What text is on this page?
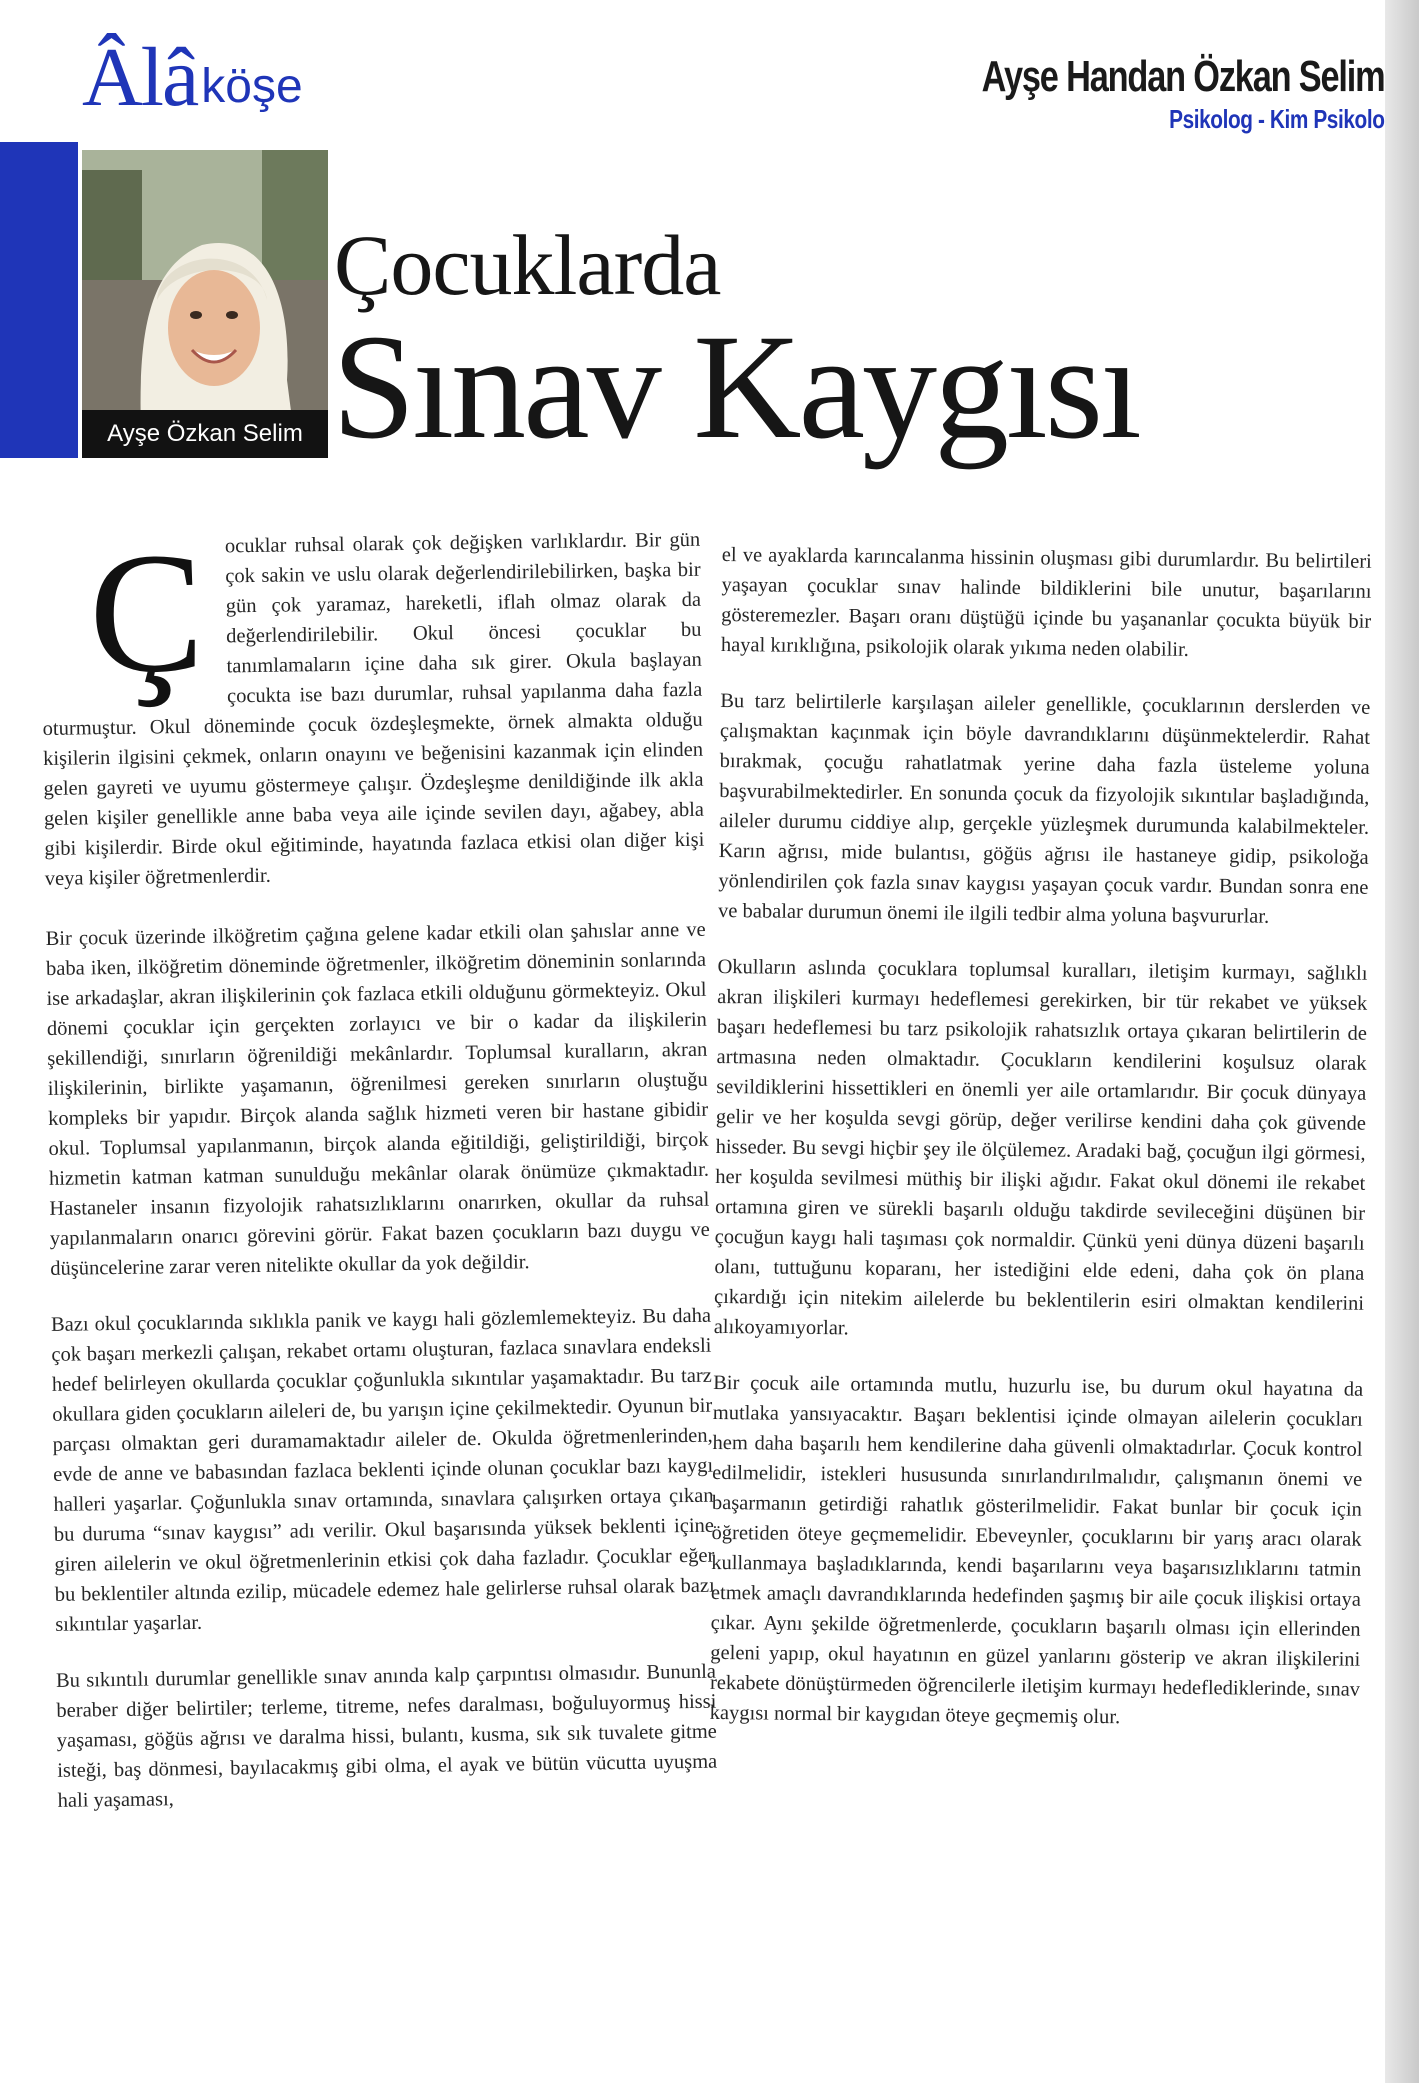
Âlâ köşe	Ayşe Handan Özkan Selim
Psikolog - Kim Psikolo
Ayşe Özkan Selim
Çocuklarda
Sınav Kaygısı

Ç ocuklar ruhsal olarak çok değişken varlıklardır. Bir gün çok sakin ve uslu olarak değerlendirilebilirken, başka bir gün çok yaramaz, hareketli, iflah olmaz olarak da değerlendirilebilir. Okul öncesi çocuklar bu tanımlamaların içine daha sık girer. Okula başlayan çocukta ise bazı durumlar, ruhsal yapılanma daha fazla oturmuştur. Okul döneminde çocuk özdeşleşmekte, örnek almakta olduğu kişilerin ilgisini çekmek, onların onayını ve beğenisini kazanmak için elinden gelen gayreti ve uyumu göstermeye çalışır. Özdeşleşme denildiğinde ilk akla gelen kişiler genellikle anne baba veya aile içinde sevilen dayı, ağabey, abla gibi kişilerdir. Birde okul eğitiminde, hayatında fazlaca etkisi olan diğer kişi veya kişiler öğretmenlerdir.

Bir çocuk üzerinde ilköğretim çağına gelene kadar etkili olan şahıslar anne ve baba iken, ilköğretim döneminde öğretmenler, ilköğretim döneminin sonlarında ise arkadaşlar, akran ilişkilerinin çok fazlaca etkili olduğunu görmekteyiz. Okul dönemi çocuklar için gerçekten zorlayıcı ve bir o kadar da ilişkilerin şekillendiği, sınırların öğrenildiği mekânlardır. Toplumsal kuralların, akran ilişkilerinin, birlikte yaşamanın, öğrenilmesi gereken sınırların oluştuğu kompleks bir yapıdır. Birçok alanda sağlık hizmeti veren bir hastane gibidir okul. Toplumsal yapılanmanın, birçok alanda eğitildiği, geliştirildiği, birçok hizmetin katman katman sunulduğu mekânlar olarak önümüze çıkmaktadır. Hastaneler insanın fizyolojik rahatsızlıklarını onarırken, okullar da ruhsal yapılanmaların onarıcı görevini görür. Fakat bazen çocukların bazı duygu ve düşüncelerine zarar veren nitelikte okullar da yok değildir.

Bazı okul çocuklarında sıklıkla panik ve kaygı hali gözlemlemekteyiz. Bu daha çok başarı merkezli çalışan, rekabet ortamı oluşturan, fazlaca sınavlara endeksli hedef belirleyen okullarda çocuklar çoğunlukla sıkıntılar yaşamaktadır. Bu tarz okullara giden çocukların aileleri de, bu yarışın içine çekilmektedir. Oyunun bir parçası olmaktan geri duramamaktadır aileler de. Okulda öğretmenlerinden, evde de anne ve babasından fazlaca beklenti içinde olunan çocuklar bazı kaygı halleri yaşarlar. Çoğunlukla sınav ortamında, sınavlara çalışırken ortaya çıkan bu duruma “sınav kaygısı” adı verilir. Okul başarısında yüksek beklenti içine giren ailelerin ve okul öğretmenlerinin etkisi çok daha fazladır. Çocuklar eğer bu beklentiler altında ezilip, mücadele edemez hale gelirlerse ruhsal olarak bazı sıkıntılar yaşarlar.

Bu sıkıntılı durumlar genellikle sınav anında kalp çarpıntısı olmasıdır. Bununla beraber diğer belirtiler; terleme, titreme, nefes daralması, boğuluyormuş hissi yaşaması, göğüs ağrısı ve daralma hissi, bulantı, kusma, sık sık tuvalete gitme isteği, baş dönmesi, bayılacakmış gibi olma, el ayak ve bütün vücutta uyuşma hali yaşaması,

el ve ayaklarda karıncalanma hissinin oluşması gibi durumlardır. Bu belirtileri yaşayan çocuklar sınav halinde bildiklerini bile unutur, başarılarını gösteremezler. Başarı oranı düştüğü içinde bu yaşananlar çocukta büyük bir hayal kırıklığına, psikolojik olarak yıkıma neden olabilir.

Bu tarz belirtilerle karşılaşan aileler genellikle, çocuklarının derslerden ve çalışmaktan kaçınmak için böyle davrandıklarını düşünmektelerdir. Rahat bırakmak, çocuğu rahatlatmak yerine daha fazla üsteleme yoluna başvurabilmektedirler. En sonunda çocuk da fizyolojik sıkıntılar başladığında, aileler durumu ciddiye alıp, gerçekle yüzleşmek durumunda kalabilmekteler. Karın ağrısı, mide bulantısı, göğüs ağrısı ile hastaneye gidip, psikoloğa yönlendirilen çok fazla sınav kaygısı yaşayan çocuk vardır. Bundan sonra ene ve babalar durumun önemi ile ilgili tedbir alma yoluna başvururlar.

Okulların aslında çocuklara toplumsal kuralları, iletişim kurmayı, sağlıklı akran ilişkileri kurmayı hedeflemesi gerekirken, bir tür rekabet ve yüksek başarı hedeflemesi bu tarz psikolojik rahatsızlık ortaya çıkaran belirtilerin de artmasına neden olmaktadır. Çocukların kendilerini koşulsuz olarak sevildiklerini hissettikleri en önemli yer aile ortamlarıdır. Bir çocuk dünyaya gelir ve her koşulda sevgi görüp, değer verilirse kendini daha çok güvende hisseder. Bu sevgi hiçbir şey ile ölçülemez. Aradaki bağ, çocuğun ilgi görmesi, her koşulda sevilmesi müthiş bir ilişki ağıdır. Fakat okul dönemi ile rekabet ortamına giren ve sürekli başarılı olduğu takdirde sevileceğini düşünen bir çocuğun kaygı hali taşıması çok normaldir. Çünkü yeni dünya düzeni başarılı olanı, tuttuğunu koparanı, her istediğini elde edeni, daha çok ön plana çıkardığı için nitekim ailelerde bu beklentilerin esiri olmaktan kendilerini alıkoyamıyorlar.

Bir çocuk aile ortamında mutlu, huzurlu ise, bu durum okul hayatına da mutlaka yansıyacaktır. Başarı beklentisi içinde olmayan ailelerin çocukları hem daha başarılı hem kendilerine daha güvenli olmaktadırlar. Çocuk kontrol edilmelidir, istekleri hususunda sınırlandırılmalıdır, çalışmanın önemi ve başarmanın getirdiği rahatlık gösterilmelidir. Fakat bunlar bir çocuk için öğretiden öteye geçmemelidir. Ebeveynler, çocuklarını bir yarış aracı olarak kullanmaya başladıklarında, kendi başarılarını veya başarısızlıklarını tatmin etmek amaçlı davrandıklarında hedefinden şaşmış bir aile çocuk ilişkisi ortaya çıkar. Aynı şekilde öğretmenlerde, çocukların başarılı olması için ellerinden geleni yapıp, okul hayatının en güzel yanlarını gösterip ve akran ilişkilerini rekabete dönüştürmeden öğrencilerle iletişim kurmayı hedeflediklerinde, sınav kaygısı normal bir kaygıdan öteye geçmemiş olur.
